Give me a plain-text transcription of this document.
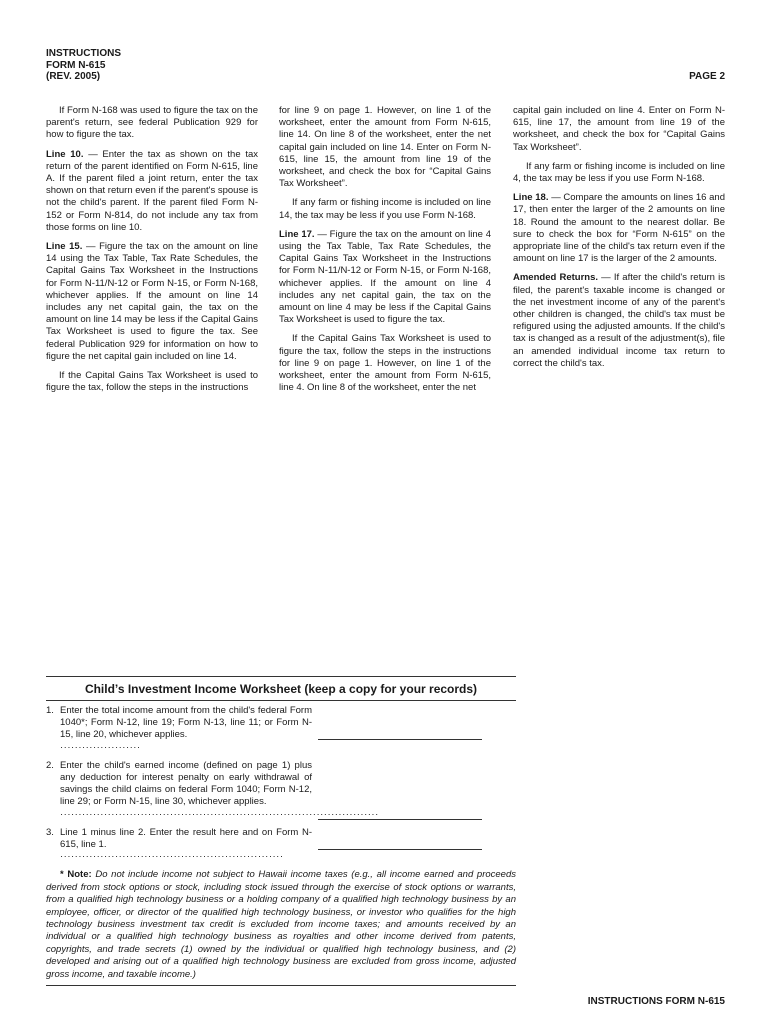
INSTRUCTIONS
FORM N-615
(REV. 2005)	PAGE 2

If Form N-168 was used to figure the tax on the parent's return, see federal Publication 929 for how to figure the tax.

Line 10. — Enter the tax as shown on the tax return of the parent identified on Form N-615, line A. If the parent filed a joint return, enter the tax shown on that return even if the parent's spouse is not the child's parent. If the parent filed Form N-152 or Form N-814, do not include any tax from those forms on line 10.

Line 15. — Figure the tax on the amount on line 14 using the Tax Table, Tax Rate Schedules, the Capital Gains Tax Worksheet in the Instructions for Form N-11/N-12 or Form N-15, or Form N-168, whichever applies. If the amount on line 14 includes any net capital gain, the tax on the amount on line 14 may be less if the Capital Gains Tax Worksheet is used to figure the tax. See federal Publication 929 for information on how to figure the net capital gain included on line 14.

If the Capital Gains Tax Worksheet is used to figure the tax, follow the steps in the instructions

for line 9 on page 1. However, on line 1 of the worksheet, enter the amount from Form N-615, line 14. On line 8 of the worksheet, enter the net capital gain included on line 14. Enter on Form N-615, line 15, the amount from line 19 of the worksheet, and check the box for “Capital Gains Tax Worksheet”.

If any farm or fishing income is included on line 14, the tax may be less if you use Form N-168.

Line 17. — Figure the tax on the amount on line 4 using the Tax Table, Tax Rate Schedules, the Capital Gains Tax Worksheet in the Instructions for Form N-11/N-12 or Form N-15, or Form N-168, whichever applies. If the amount on line 4 includes any net capital gain, the tax on the amount on line 4 may be less if the Capital Gains Tax Worksheet is used to figure the tax.

If the Capital Gains Tax Worksheet is used to figure the tax, follow the steps in the instructions for line 9 on page 1. However, on line 1 of the worksheet, enter the amount from Form N-615, line 4. On line 8 of the worksheet, enter the net

capital gain included on line 4. Enter on Form N-615, line 17, the amount from line 19 of the worksheet, and check the box for “Capital Gains Tax Worksheet”.

If any farm or fishing income is included on line 4, the tax may be less if you use Form N-168.

Line 18. — Compare the amounts on lines 16 and 17, then enter the larger of the 2 amounts on line 18. Round the amount to the nearest dollar. Be sure to check the box for “Form N-615” on the appropriate line of the child's tax return even if the amount on line 17 is the larger of the 2 amounts.

Amended Returns. — If after the child's return is filed, the parent's taxable income is changed or the net investment income of any of the parent's other children is changed, the child's tax must be refigured using the adjusted amounts. If the child's tax is changed as a result of the adjustment(s), file an amended individual income tax return to correct the child's tax.

Child’s Investment Income Worksheet (keep a copy for your records)
1. Enter the total income amount from the child's federal Form 1040*; Form N-12, line 19; Form N-13, line 11; or Form N-15, line 20, whichever applies.
······················
2. Enter the child's earned income (defined on page 1) plus any deduction for interest penalty on early withdrawal of savings the child claims on federal Form 1040; Form N-12, line 29; or Form N-15, line 30, whichever applies.
·······················································································
3. Line 1 minus line 2. Enter the result here and on Form N-615, line 1.
·····························································
* Note: Do not include income not subject to Hawaii income taxes (e.g., all income earned and proceeds derived from stock options or stock, including stock issued through the exercise of stock options or warrants, from a qualified high technology business or a holding company of a qualified high technology business by an employee, officer, or director of the qualified high technology business, or investor who qualifies for the high technology business investment tax credit is excluded from income taxes; and amounts received by an individual or a qualified high technology business as royalties and other income derived from patents, copyrights, and trade secrets (1) owned by the individual or qualified high technology business, and (2) developed and arising out of a qualified high technology business are excluded from gross income, adjusted gross income, and taxable income.)
INSTRUCTIONS FORM N-615
